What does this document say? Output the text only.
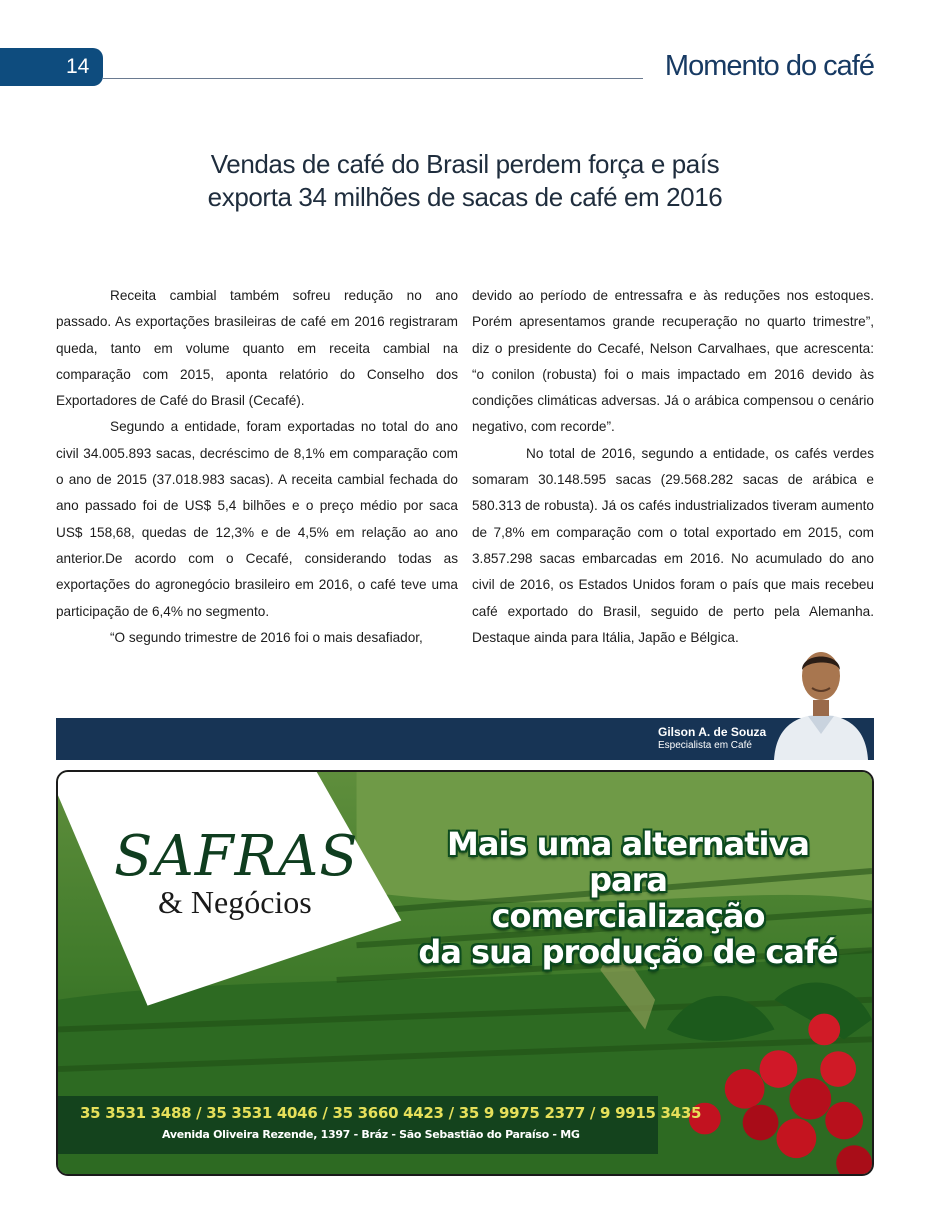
14	Momento do café
Vendas de café do Brasil perdem força e país
exporta 34 milhões de sacas de café em 2016

Receita cambial também sofreu redução no ano passado. As exportações brasileiras de café em 2016 registraram queda, tanto em volume quanto em receita cambial na comparação com 2015, aponta relatório do Conselho dos Exportadores de Café do Brasil (Cecafé).

Segundo a entidade, foram exportadas no total do ano civil 34.005.893 sacas, decréscimo de 8,1% em comparação com o ano de 2015 (37.018.983 sacas). A receita cambial fechada do ano passado foi de US$ 5,4 bilhões e o preço médio por saca US$ 158,68, quedas de 12,3% e de 4,5% em relação ao ano anterior.De acordo com o Cecafé, considerando todas as exportações do agronegócio brasileiro em 2016, o café teve uma participação de 6,4% no segmento.

“O segundo trimestre de 2016 foi o mais desafiador,

devido ao período de entressafra e às reduções nos estoques. Porém apresentamos grande recuperação no quarto trimestre”, diz o presidente do Cecafé, Nelson Carvalhaes, que acrescenta: “o conilon (robusta) foi o mais impactado em 2016 devido às condições climáticas adversas. Já o arábica compensou o cenário negativo, com recorde”.

No total de 2016, segundo a entidade, os cafés verdes somaram 30.148.595 sacas (29.568.282 sacas de arábica e 580.313 de robusta). Já os cafés industrializados tiveram aumento de 7,8% em comparação com o total exportado em 2015, com 3.857.298 sacas embarcadas em 2016. No acumulado do ano civil de 2016, os Estados Unidos foram o país que mais recebeu café exportado do Brasil, seguido de perto pela Alemanha. Destaque ainda para Itália, Japão e Bélgica.

Gilson A. de Souza
Especialista em Café
SAFRAS
& Negócios
Mais uma alternativa para
comercialização
da sua produção de café
35 3531 3488 / 35 3531 4046 / 35 3660 4423 / 35 9 9975 2377 / 9 9915 3435
Avenida Oliveira Rezende, 1397 - Bráz - São Sebastião do Paraíso - MG
